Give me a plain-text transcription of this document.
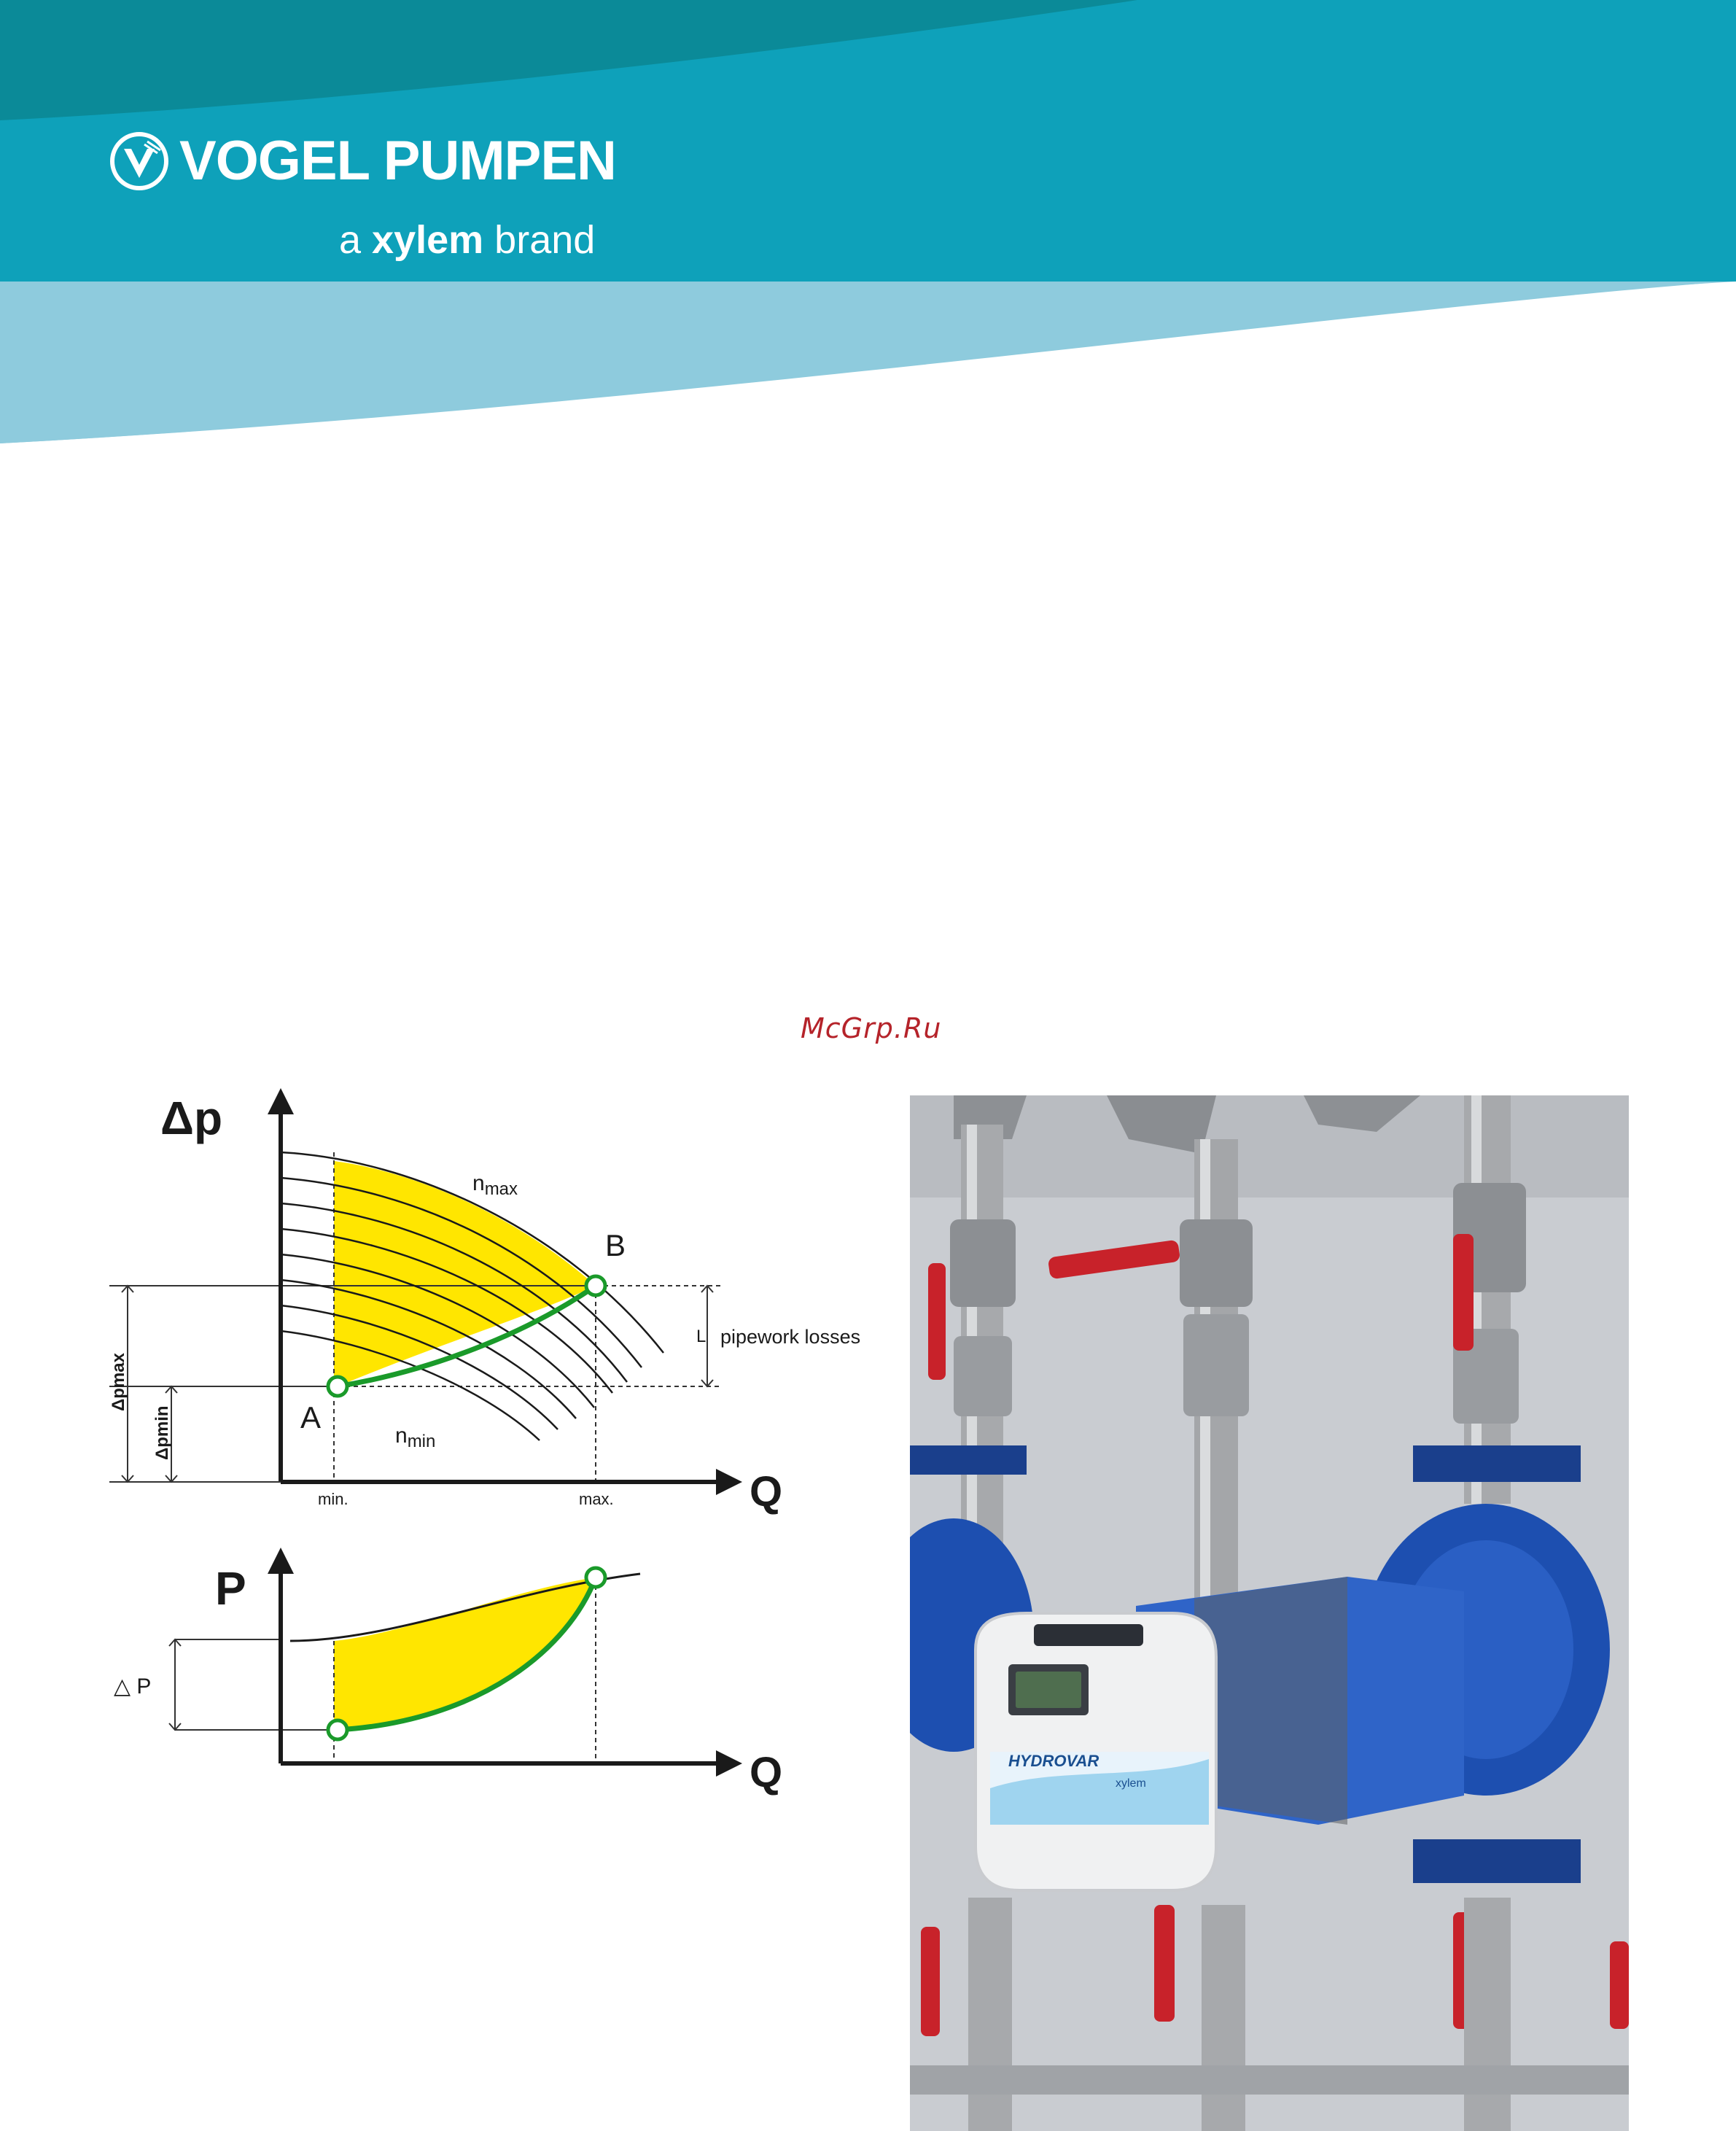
VOGEL PUMPEN
a xylem brand
McGrp.Ru
Δp
Q
$n_{max}$
$n_{min}$
A
B
pipework losses
L
Δpmax
Δpmin
min.	max.
P
Q
△ P
HYDROVAR
xylem
